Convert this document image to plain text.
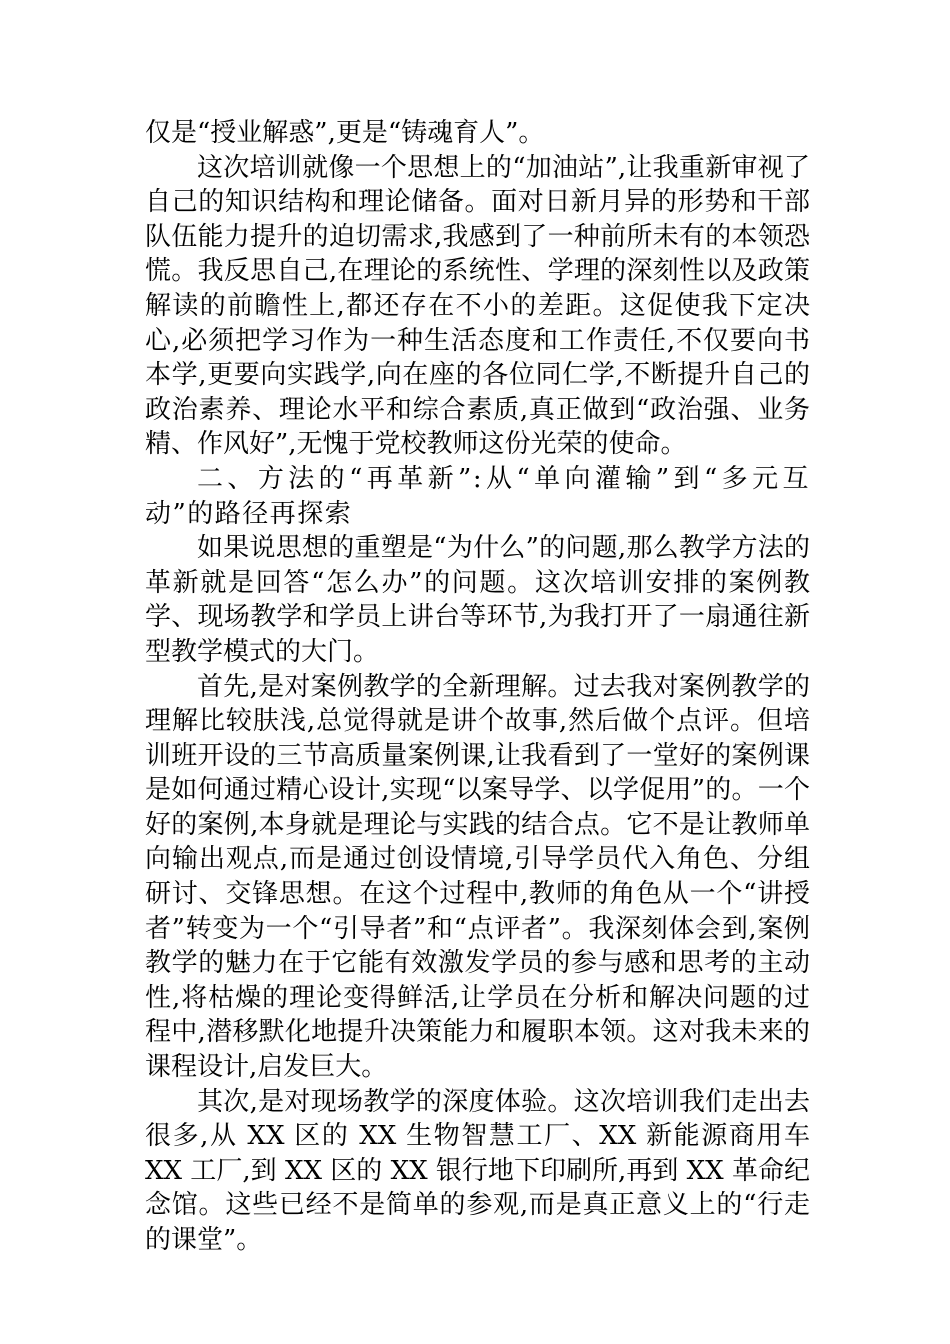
仅是“授业解惑”,更是“铸魂育人”。

这次培训就像一个思想上的“加油站”,让我重新审视了自己的知识结构和理论储备。面对日新月异的形势和干部队伍能力提升的迫切需求,我感到了一种前所未有的本领恐慌。我反思自己,在理论的系统性、学理的深刻性以及政策解读的前瞻性上,都还存在不小的差距。这促使我下定决心,必须把学习作为一种生活态度和工作责任,不仅要向书本学,更要向实践学,向在座的各位同仁学,不断提升自己的政治素养、理论水平和综合素质,真正做到“政治强、业务精、作风好”,无愧于党校教师这份光荣的使命。

二、方法的“再革新”:从“单向灌输”到“多元互动”的路径再探索

如果说思想的重塑是“为什么”的问题,那么教学方法的革新就是回答“怎么办”的问题。这次培训安排的案例教学、现场教学和学员上讲台等环节,为我打开了一扇通往新型教学模式的大门。

首先,是对案例教学的全新理解。过去我对案例教学的理解比较肤浅,总觉得就是讲个故事,然后做个点评。但培训班开设的三节高质量案例课,让我看到了一堂好的案例课是如何通过精心设计,实现“以案导学、以学促用”的。一个好的案例,本身就是理论与实践的结合点。它不是让教师单向输出观点,而是通过创设情境,引导学员代入角色、分组研讨、交锋思想。在这个过程中,教师的角色从一个“讲授者”转变为一个“引导者”和“点评者”。我深刻体会到,案例教学的魅力在于它能有效激发学员的参与感和思考的主动性,将枯燥的理论变得鲜活,让学员在分析和解决问题的过程中,潜移默化地提升决策能力和履职本领。这对我未来的课程设计,启发巨大。

其次,是对现场教学的深度体验。这次培训我们走出去很多,从 XX 区的 XX 生物智慧工厂、XX 新能源商用车 XX 工厂,到 XX 区的 XX 银行地下印刷所,再到 XX 革命纪念馆。这些已经不是简单的参观,而是真正意义上的“行走的课堂”。
